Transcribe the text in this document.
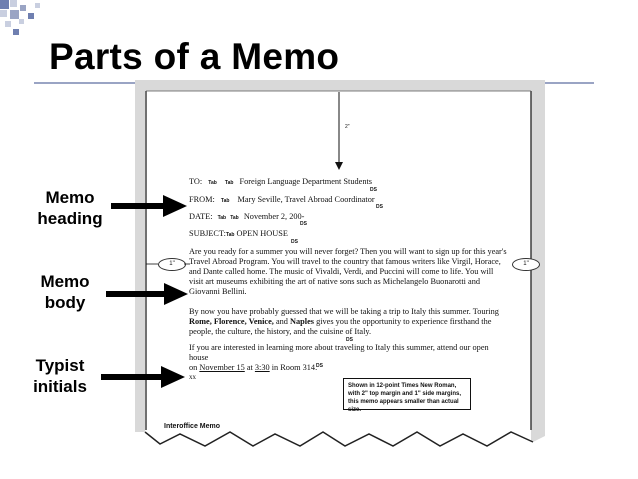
Parts of a Memo
2"
1"	1"
TO: Tab Tab Foreign Language Department Students
DS
FROM: Tab Mary Seville, Travel Abroad Coordinator
DS
DATE: Tab Tab November 2, 200-
DS
SUBJECT:Tab OPEN HOUSE
DS
Are you ready for a summer you will never forget? Then you will want to sign up for this year's Travel Abroad Program. You will travel to the country that famous writers like Virgil, Horace, and Dante called home. The music of Vivaldi, Verdi, and Puccini will come to life. You will visit art museums exhibiting the art of native sons such as Michelangelo Buonarotti and Giovanni Bellini.
By now you have probably guessed that we will be taking a trip to Italy this summer. Touring
Rome, Florence, Venice, and Naples gives you the opportunity to experience firsthand the
people, the culture, the history, and the cuisine of Italy.
DS
If you are interested in learning more about traveling to Italy this summer, attend our open house
on November 15 at 3:30 in Room 314.
DS
xx
Shown in 12-point Times New Roman, with 2" top margin and 1" side margins, this memo appears smaller than actual size.
Interoffice Memo
Memo
heading
Memo
body
Typist
initials
